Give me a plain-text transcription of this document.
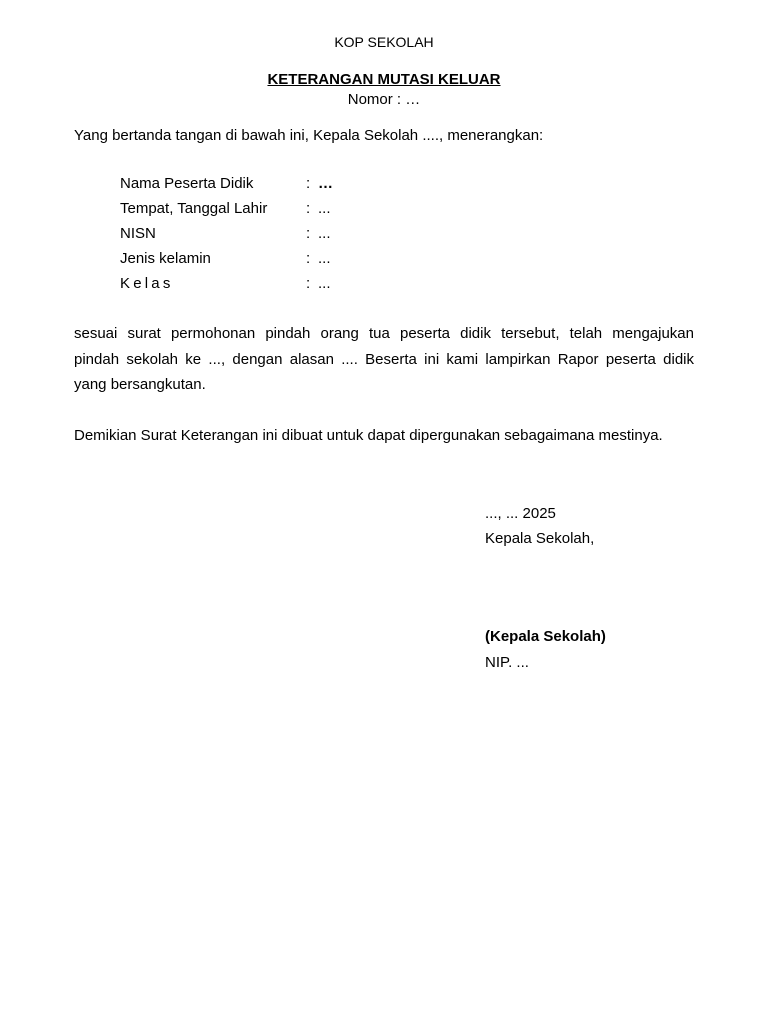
KOP SEKOLAH
KETERANGAN MUTASI KELUAR
Nomor : …
Yang bertanda tangan di bawah ini, Kepala Sekolah ...., menerangkan:
Nama Peserta Didik	: …
Tempat, Tanggal Lahir	: ...
NISN	: ...
Jenis kelamin	: ...
Kelas	: ...
sesuai surat permohonan pindah orang tua peserta didik tersebut, telah mengajukan
pindah sekolah ke ..., dengan alasan .... Beserta ini kami lampirkan Rapor peserta didik
yang bersangkutan.
Demikian Surat Keterangan ini dibuat untuk dapat dipergunakan sebagaimana mestinya.
..., ... 2025
Kepala Sekolah,
(Kepala Sekolah)
NIP. ...
